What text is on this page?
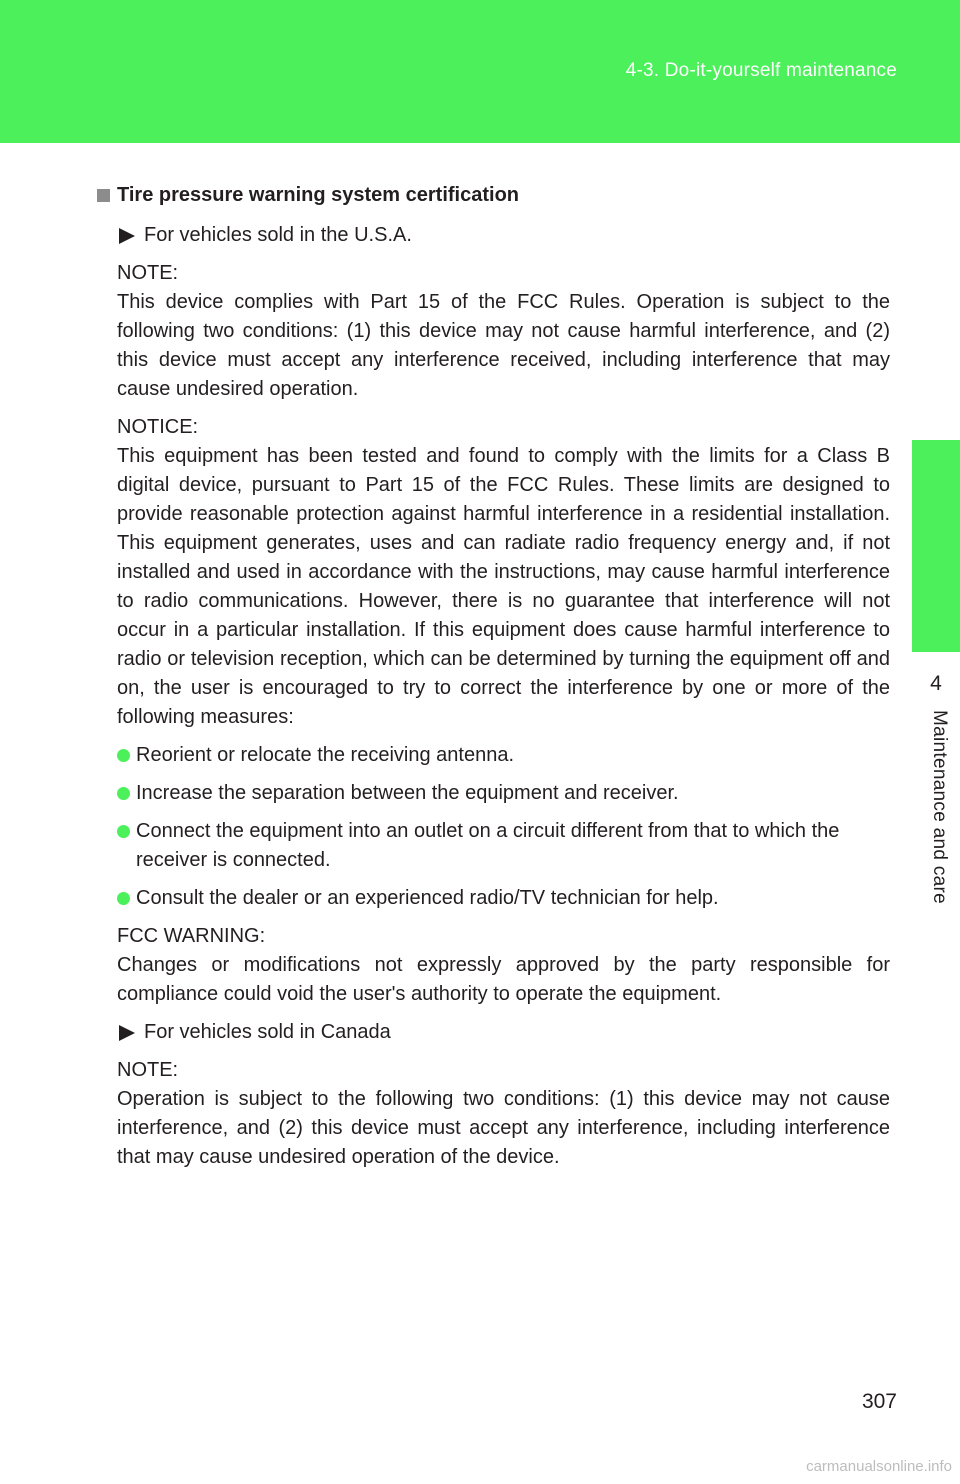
4-3. Do-it-yourself maintenance
4
Maintenance and care

Tire pressure warning system certification

For vehicles sold in the U.S.A.

NOTE:

This device complies with Part 15 of the FCC Rules. Operation is subject to the following two conditions: (1) this device may not cause harmful interference, and (2) this device must accept any interference received, including interference that may cause undesired operation.

NOTICE:

This equipment has been tested and found to comply with the limits for a Class B digital device, pursuant to Part 15 of the FCC Rules. These limits are designed to provide reasonable protection against harmful interference in a residential installation. This equipment generates, uses and can radiate radio frequency energy and, if not installed and used in accordance with the instructions, may cause harmful interference to radio communications. However, there is no guarantee that interference will not occur in a particular installation. If this equipment does cause harmful interference to radio or television reception, which can be determined by turning the equipment off and on, the user is encouraged to try to correct the interference by one or more of the following measures:

Reorient or relocate the receiving antenna.
Increase the separation between the equipment and receiver.
Connect the equipment into an outlet on a circuit different from that to which the receiver is connected.
Consult the dealer or an experienced radio/TV technician for help.

FCC WARNING:

Changes or modifications not expressly approved by the party responsible for compliance could void the user's authority to operate the equipment.

For vehicles sold in Canada

NOTE:

Operation is subject to the following two conditions: (1) this device may not cause interference, and (2) this device must accept any interference, including interference that may cause undesired operation of the device.

307
carmanualsonline.info
